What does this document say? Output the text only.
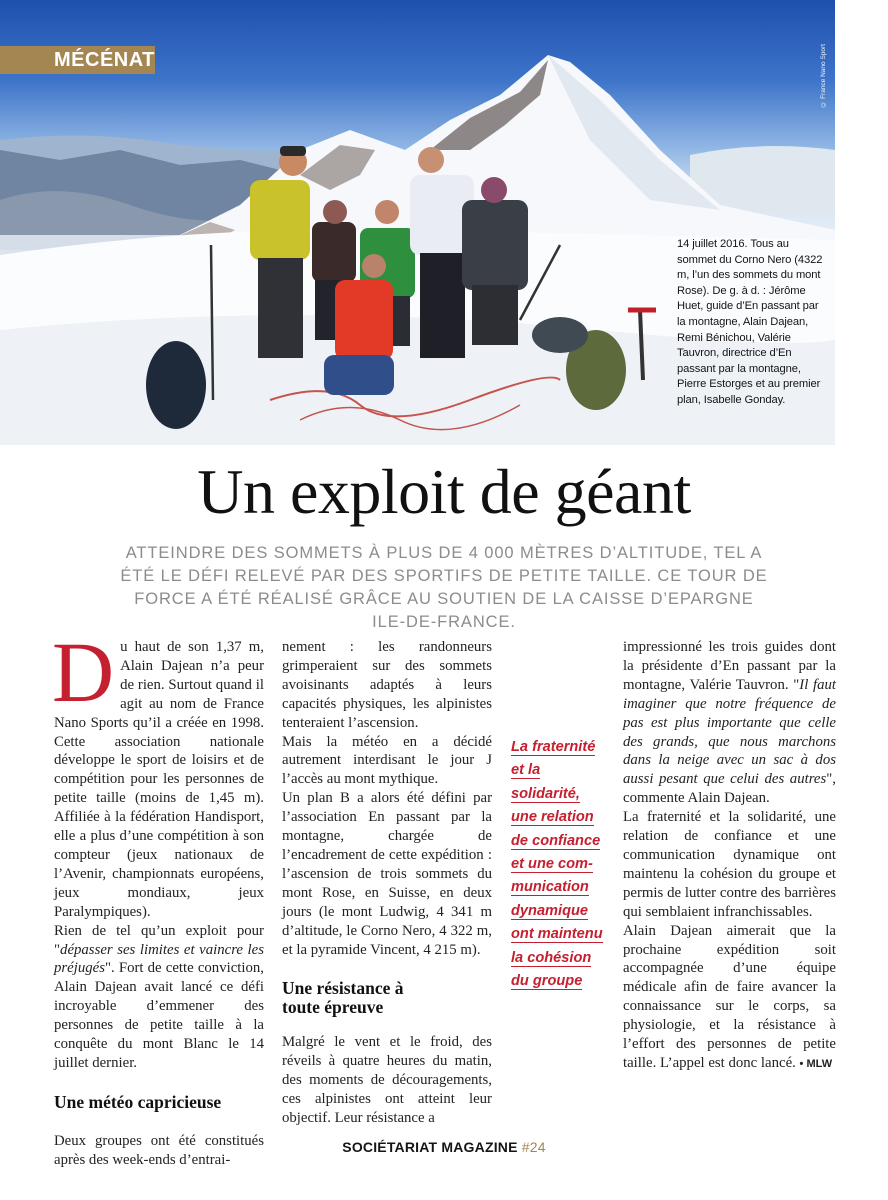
MÉCÉNAT	© France Nano Sport
14 juillet 2016. Tous au sommet du Corno Nero (4322 m, l’un des sommets du mont Rose). De g. à d. : Jérôme Huet, guide d’En passant par la montagne, Alain Dajean, Remi Bénichou, Valérie Tauvron, directrice d’En passant par la montagne, Pierre Estorges et au premier plan, Isabelle Gonday.
Un exploit de géant
ATTEINDRE DES SOMMETS À PLUS DE 4 000 MÈTRES D’ALTITUDE, TEL A ÉTÉ LE DÉFI RELEVÉ PAR DES SPORTIFS DE PETITE TAILLE. CE TOUR DE FORCE A ÉTÉ RÉALISÉ GRÂCE AU SOUTIEN DE LA CAISSE D’EPARGNE ILE-DE-FRANCE.

Du haut de son 1,37 m, Alain Dajean n’a peur de rien. Surtout quand il agit au nom de France Nano Sports qu’il a créée en 1998. Cette association nationale développe le sport de loisirs et de compétition pour les personnes de petite taille (moins de 1,45 m). Affiliée à la fédération Handisport, elle a plus d’une compétition à son compteur (jeux nationaux de l’Avenir, championnats européens, jeux mondiaux, jeux Paralympiques).

Rien de tel qu’un exploit pour "dépasser ses limites et vaincre les préjugés". Fort de cette conviction, Alain Dajean avait lancé ce défi incroyable d’emmener des personnes de petite taille à la conquête du mont Blanc le 14 juillet dernier.

Une météo capricieuse

Deux groupes ont été constitués après des week-ends d’entrai-

nement : les randonneurs grimperaient sur des sommets avoisinants adaptés à leurs capacités physiques, les alpinistes tenteraient l’ascension.

Mais la météo en a décidé autrement interdisant le jour J l’accès au mont mythique.

Un plan B a alors été défini par l’association En passant par la montagne, chargée de l’encadrement de cette expédition : l’ascension de trois sommets du mont Rose, en Suisse, en deux jours (le mont Ludwig, 4 341 m d’altitude, le Corno Nero, 4 322 m, et la pyramide Vincent, 4 215 m).

Une résistance à toute épreuve

Malgré le vent et le froid, des réveils à quatre heures du matin, des moments de découragements, ces alpinistes ont atteint leur objectif. Leur résistance a

La fraternité
et la
solidarité,
une relation
de confiance
et une com-
munication
dynamique
ont maintenu
la cohésion
du groupe

impressionné les trois guides dont la présidente d’En passant par la montagne, Valérie Tauvron. "Il faut imaginer que notre fréquence de pas est plus importante que celle des grands, que nous marchons dans la neige avec un sac à dos aussi pesant que celui des autres", commente Alain Dajean.

La fraternité et la solidarité, une relation de confiance et une communication dynamique ont maintenu la cohésion du groupe et permis de lutter contre des barrières qui semblaient infranchissables.

Alain Dajean aimerait que la prochaine expédition soit accompagnée d’une équipe médicale afin de faire avancer la connaissance sur le corps, sa physiologie, et la résistance à l’effort des personnes de petite taille. L’appel est donc lancé. • MLW

SOCIÉTARIAT MAGAZINE #24
